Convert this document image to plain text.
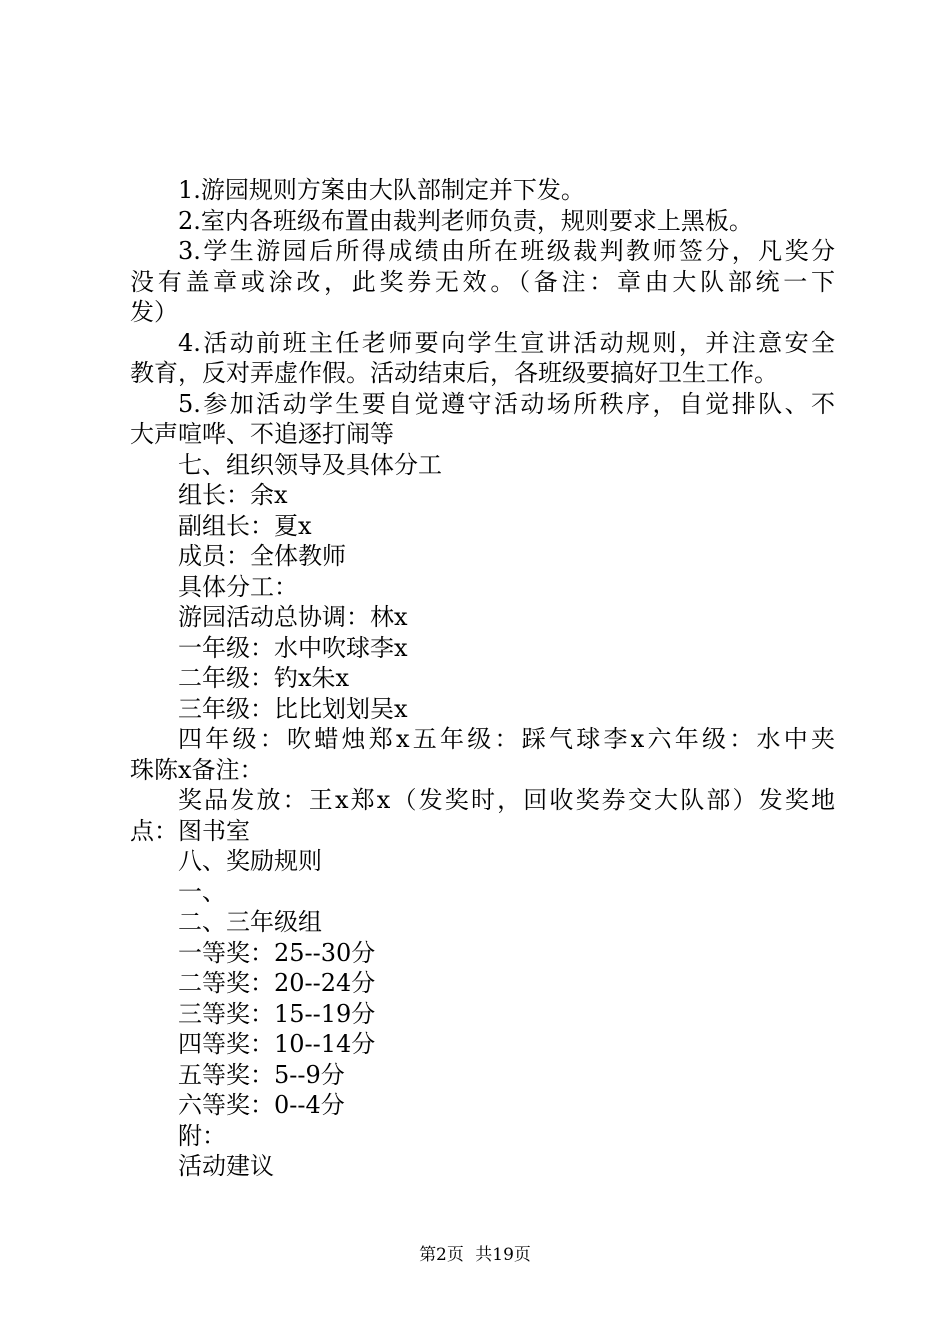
1.游园规则方案由大队部制定并下发。
2.室内各班级布置由裁判老师负责，规则要求上黑板。
3.学生游园后所得成绩由所在班级裁判教师签分，凡奖分
没有盖章或涂改，此奖券无效。（备注：章由大队部统一下
发）
4.活动前班主任老师要向学生宣讲活动规则，并注意安全
教育，反对弄虚作假。活动结束后，各班级要搞好卫生工作。
5.参加活动学生要自觉遵守活动场所秩序，自觉排队、不
大声喧哗、不追逐打闹等
七、组织领导及具体分工
组长：余x
副组长：夏x
成员：全体教师
具体分工：
游园活动总协调：林x
一年级：水中吹球李x
二年级：钓x朱x
三年级：比比划划吴x
四年级：吹蜡烛郑x五年级：踩气球李x六年级：水中夹
珠陈x备注：
奖品发放：王x郑x（发奖时，回收奖券交大队部）发奖地
点：图书室
八、奖励规则
一、
二、三年级组
一等奖：25--30分
二等奖：20--24分
三等奖：15--19分
四等奖：10--14分
五等奖：5--9分
六等奖：0--4分
附：
活动建议
第2页 共19页
